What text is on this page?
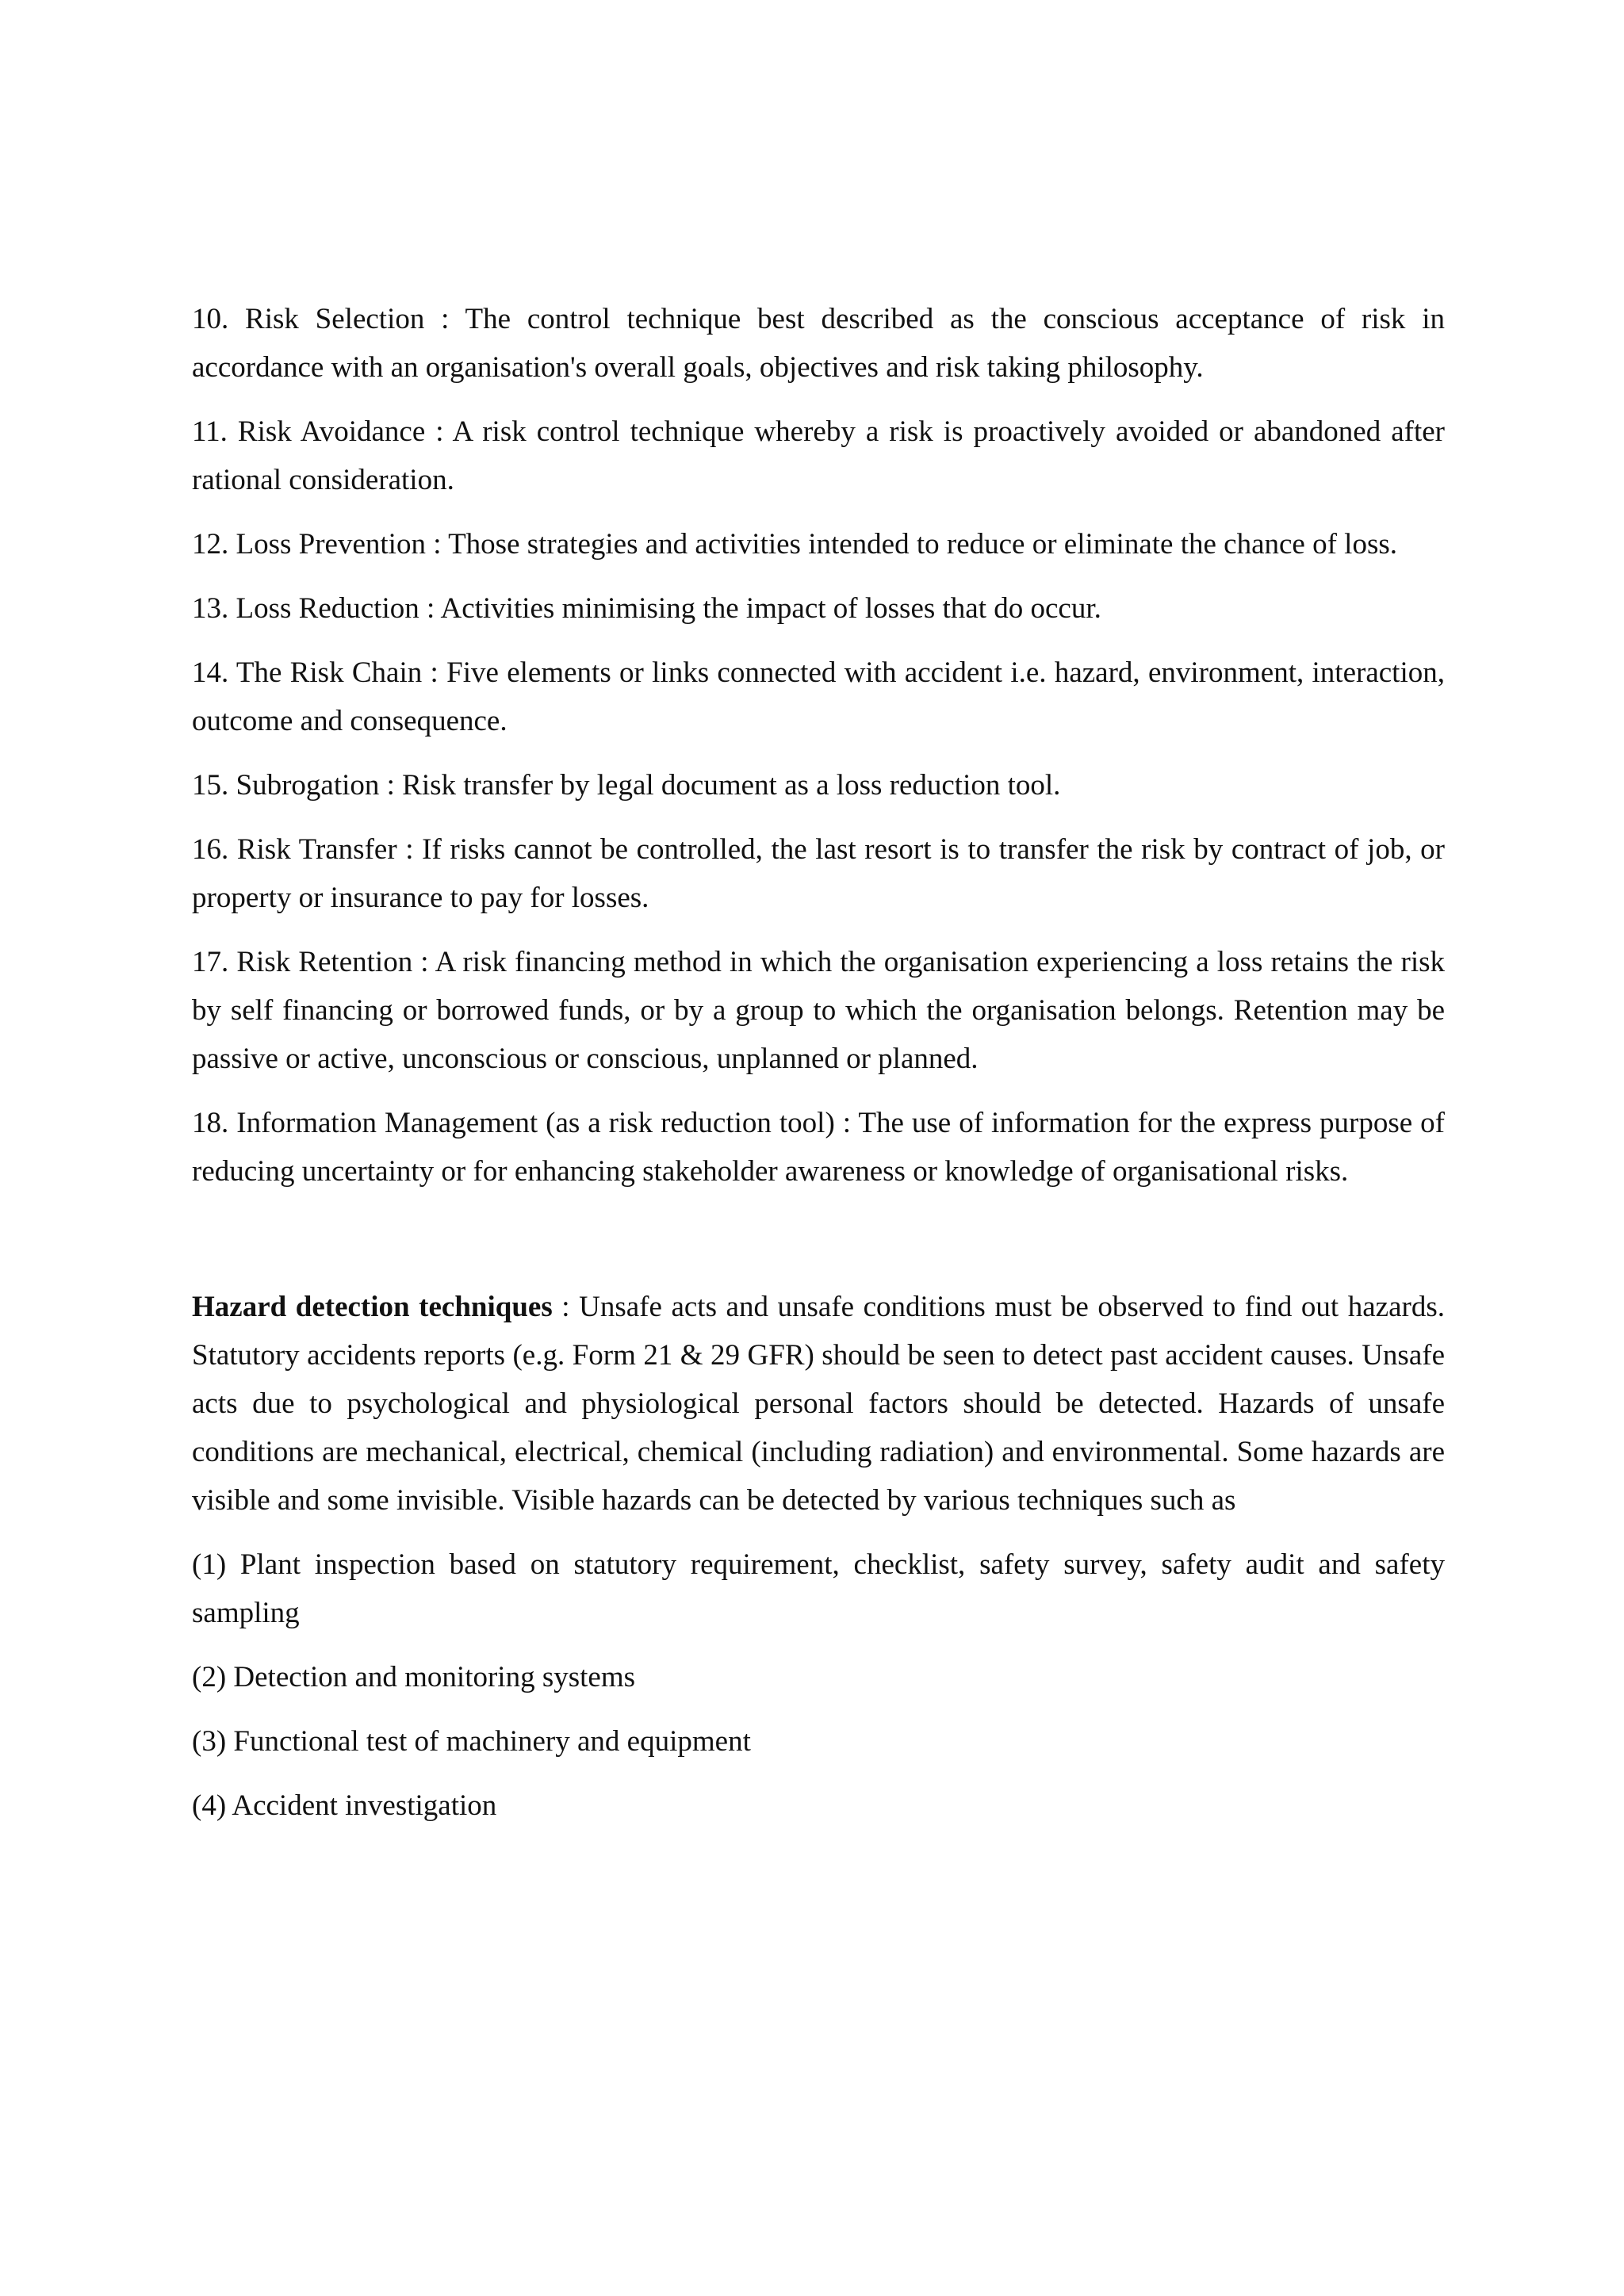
10. Risk Selection : The control technique best described as the conscious acceptance of risk in accordance with an organisation's overall goals, objectives and risk taking philosophy.

11. Risk Avoidance : A risk control technique whereby a risk is proactively avoided or abandoned after rational consideration.

12. Loss Prevention : Those strategies and activities intended to reduce or eliminate the chance of loss.

13. Loss Reduction : Activities minimising the impact of losses that do occur.

14. The Risk Chain : Five elements or links connected with accident i.e. hazard, environment, interaction, outcome and consequence.

15. Subrogation : Risk transfer by legal document as a loss reduction tool.

16. Risk Transfer : If risks cannot be controlled, the last resort is to transfer the risk by contract of job, or property or insurance to pay for losses.

17. Risk Retention : A risk financing method in which the organisation experiencing a loss retains the risk by self financing or borrowed funds, or by a group to which the organisation belongs. Retention may be passive or active, unconscious or conscious, unplanned or planned.

18. Information Management (as a risk reduction tool) : The use of information for the express purpose of reducing uncertainty or for enhancing stakeholder awareness or knowledge of organisational risks.

Hazard detection techniques : Unsafe acts and unsafe conditions must be observed to find out hazards. Statutory accidents reports (e.g. Form 21 & 29 GFR) should be seen to detect past accident causes. Unsafe acts due to psychological and physiological personal factors should be detected. Hazards of unsafe conditions are mechanical, electrical, chemical (including radiation) and environmental. Some hazards are visible and some invisible. Visible hazards can be detected by various techniques such as

(1) Plant inspection based on statutory requirement, checklist, safety survey, safety audit and safety sampling

(2) Detection and monitoring systems

(3) Functional test of machinery and equipment

(4) Accident investigation
